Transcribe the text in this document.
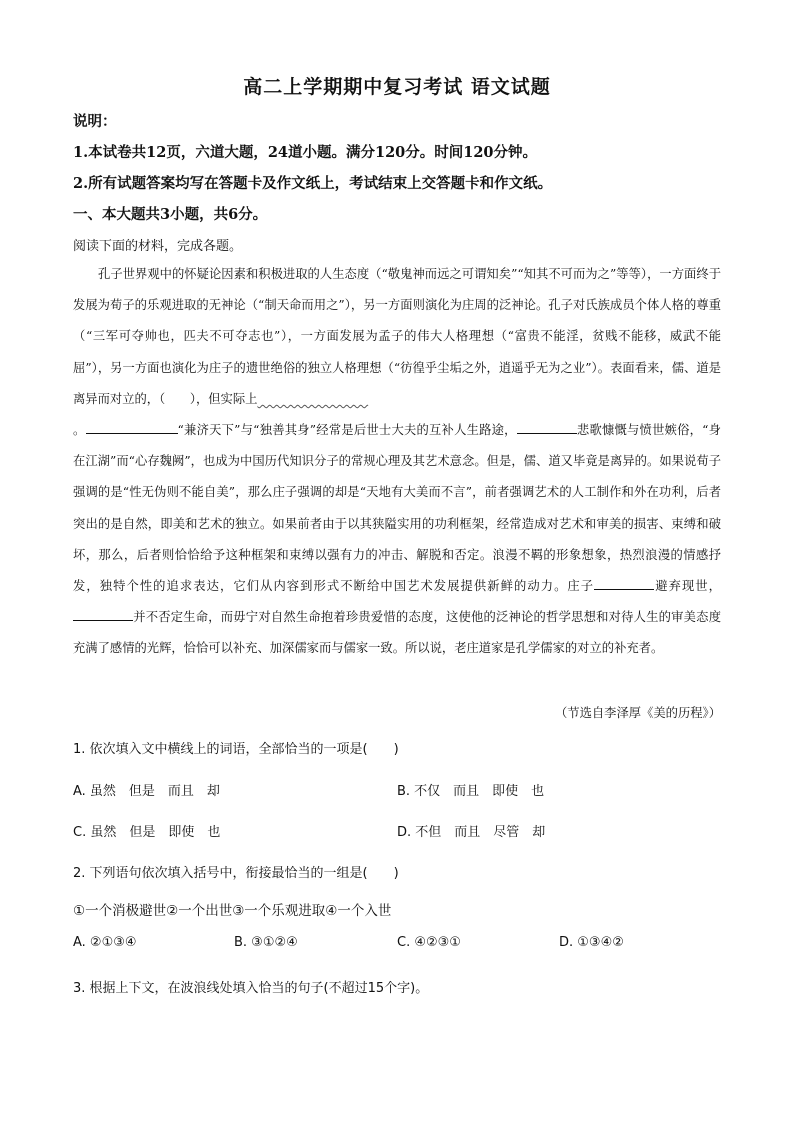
高二上学期期中复习考试 语文试题
说明：
1.本试卷共12页，六道大题，24道小题。满分120分。时间120分钟。
2.所有试题答案均写在答题卡及作文纸上，考试结束上交答题卡和作文纸。
一、本大题共3小题，共6分。
阅读下面的材料，完成各题。

孔子世界观中的怀疑论因素和积极进取的人生态度（“敬鬼神而远之可谓知矣”“知其不可而为之”等等），一方面终于发展为荀子的乐观进取的无神论（“制天命而用之”），另一方面则演化为庄周的泛神论。孔子对氏族成员个体人格的尊重（“三军可夺帅也，匹夫不可夺志也”），一方面发展为孟子的伟大人格理想（“富贵不能淫，贫贱不能移，威武不能屈”），另一方面也演化为庄子的遗世绝俗的独立人格理想（“彷徨乎尘垢之外，逍遥乎无为之业”）。表面看来，儒、道是离异而对立的，（　　），但实际上　　　　　　　　　
。	“兼济天下”与“独善其身”经常是后世士大夫的互补人生路途，	悲歌慷慨与愤世嫉俗，“身在江湖”而“心存魏阙”，也成为中国历代知识分子的常规心理及其艺术意念。但是，儒、道又毕竟是离异的。如果说荀子强调的是“性无伪则不能自美”，那么庄子强调的却是“天地有大美而不言”，前者强调艺术的人工制作和外在功利，后者突出的是自然，即美和艺术的独立。如果前者由于以其狭隘实用的功利框架，经常造成对艺术和审美的损害、束缚和破坏，那么，后者则恰恰给予这种框架和束缚以强有力的冲击、解脱和否定。浪漫不羁的形象想象，热烈浪漫的情感抒发，独特个性的追求表达，它们从内容到形式不断给中国艺术发展提供新鲜的动力。庄子	避弃现世，并不否定生命，而毋宁对自然生命抱着珍贵爱惜的态度，这使他的泛神论的哲学思想和对待人生的审美态度充满了感情的光辉，恰恰可以补充、加深儒家而与儒家一致。所以说，老庄道家是孔学儒家的对立的补充者。

（节选自李泽厚《美的历程》）
1. 依次填入文中横线上的词语，全部恰当的一项是(　　)
A. 虽然　但是　而且　却	B. 不仅　而且　即使　也
C. 虽然　但是　即使　也	D. 不但　而且　尽管　却
2. 下列语句依次填入括号中，衔接最恰当的一组是(　　)
①一个消极避世②一个出世③一个乐观进取④一个入世
A. ②①③④	B. ③①②④	C. ④②③①	D. ①③④②
3. 根据上下文，在波浪线处填入恰当的句子(不超过15个字)。
